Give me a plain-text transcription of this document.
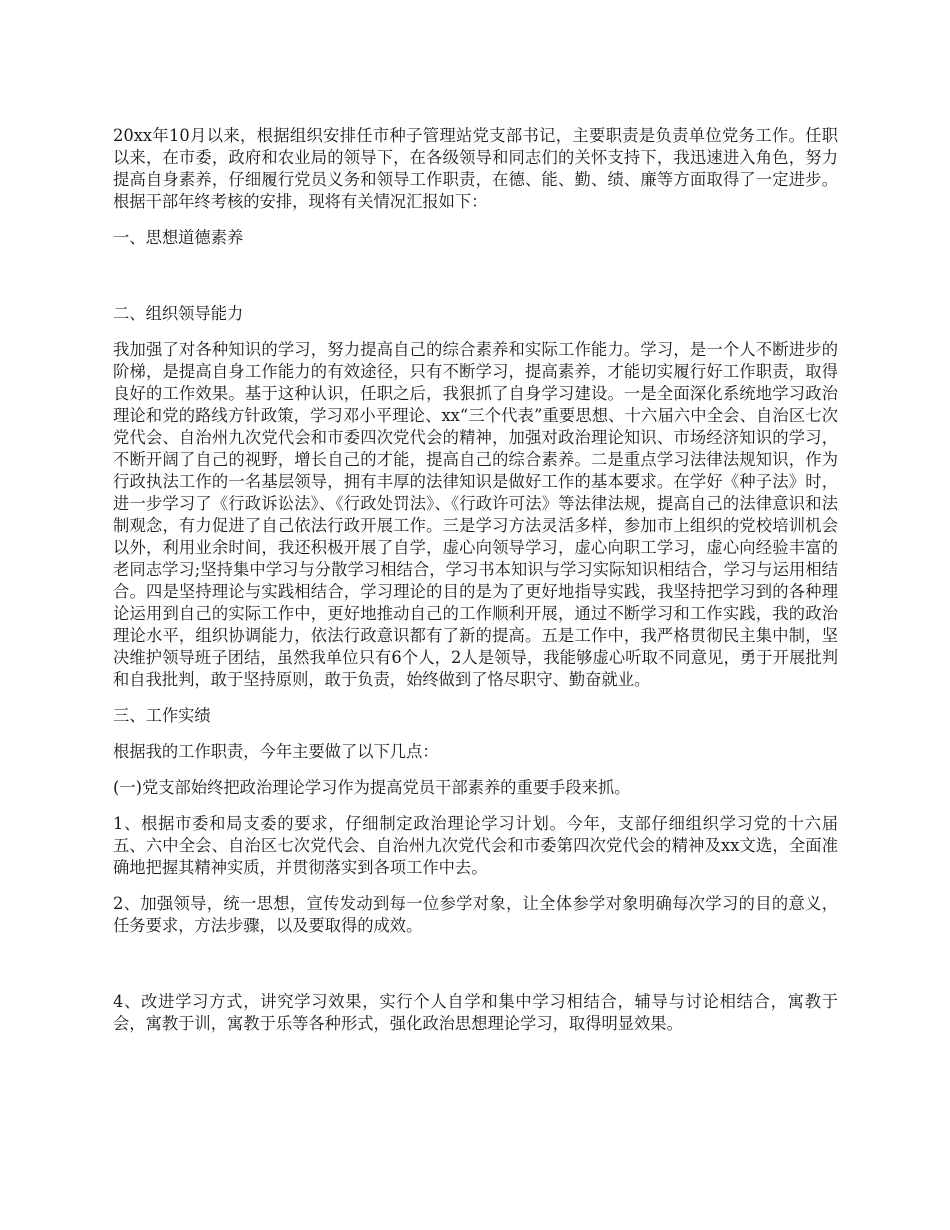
20xx年10月以来，根据组织安排任市种子管理站党支部书记，主要职责是负责单位党务工作。任职以来，在市委，政府和农业局的领导下，在各级领导和同志们的关怀支持下，我迅速进入角色，努力提高自身素养，仔细履行党员义务和领导工作职责，在德、能、勤、绩、廉等方面取得了一定进步。根据干部年终考核的安排，现将有关情况汇报如下：

一、思想道德素养

二、组织领导能力

我加强了对各种知识的学习，努力提高自己的综合素养和实际工作能力。学习，是一个人不断进步的阶梯，是提高自身工作能力的有效途径，只有不断学习，提高素养，才能切实履行好工作职责，取得良好的工作效果。基于这种认识，任职之后，我狠抓了自身学习建设。一是全面深化系统地学习政治理论和党的路线方针政策，学习邓小平理论、xx“三个代表”重要思想、十六届六中全会、自治区七次党代会、自治州九次党代会和市委四次党代会的精神，加强对政治理论知识、市场经济知识的学习，不断开阔了自己的视野，增长自己的才能，提高自己的综合素养。二是重点学习法律法规知识，作为行政执法工作的一名基层领导，拥有丰厚的法律知识是做好工作的基本要求。在学好《种子法》时，进一步学习了《行政诉讼法》、《行政处罚法》、《行政许可法》等法律法规，提高自己的法律意识和法制观念，有力促进了自己依法行政开展工作。三是学习方法灵活多样，参加市上组织的党校培训机会以外，利用业余时间，我还积极开展了自学，虚心向领导学习，虚心向职工学习，虚心向经验丰富的老同志学习;坚持集中学习与分散学习相结合，学习书本知识与学习实际知识相结合，学习与运用相结合。四是坚持理论与实践相结合，学习理论的目的是为了更好地指导实践，我坚持把学习到的各种理论运用到自己的实际工作中，更好地推动自己的工作顺利开展，通过不断学习和工作实践，我的政治理论水平，组织协调能力，依法行政意识都有了新的提高。五是工作中，我严格贯彻民主集中制，坚决维护领导班子团结，虽然我单位只有6个人，2人是领导，我能够虚心听取不同意见，勇于开展批判和自我批判，敢于坚持原则，敢于负责，始终做到了恪尽职守、勤奋就业。

三、工作实绩

根据我的工作职责，今年主要做了以下几点：

(一)党支部始终把政治理论学习作为提高党员干部素养的重要手段来抓。

1、根据市委和局支委的要求，仔细制定政治理论学习计划。今年，支部仔细组织学习党的十六届五、六中全会、自治区七次党代会、自治州九次党代会和市委第四次党代会的精神及xx文选，全面准确地把握其精神实质，并贯彻落实到各项工作中去。

2、加强领导，统一思想，宣传发动到每一位参学对象，让全体参学对象明确每次学习的目的意义，任务要求，方法步骤，以及要取得的成效。

4、改进学习方式，讲究学习效果，实行个人自学和集中学习相结合，辅导与讨论相结合，寓教于会，寓教于训，寓教于乐等各种形式，强化政治思想理论学习，取得明显效果。
